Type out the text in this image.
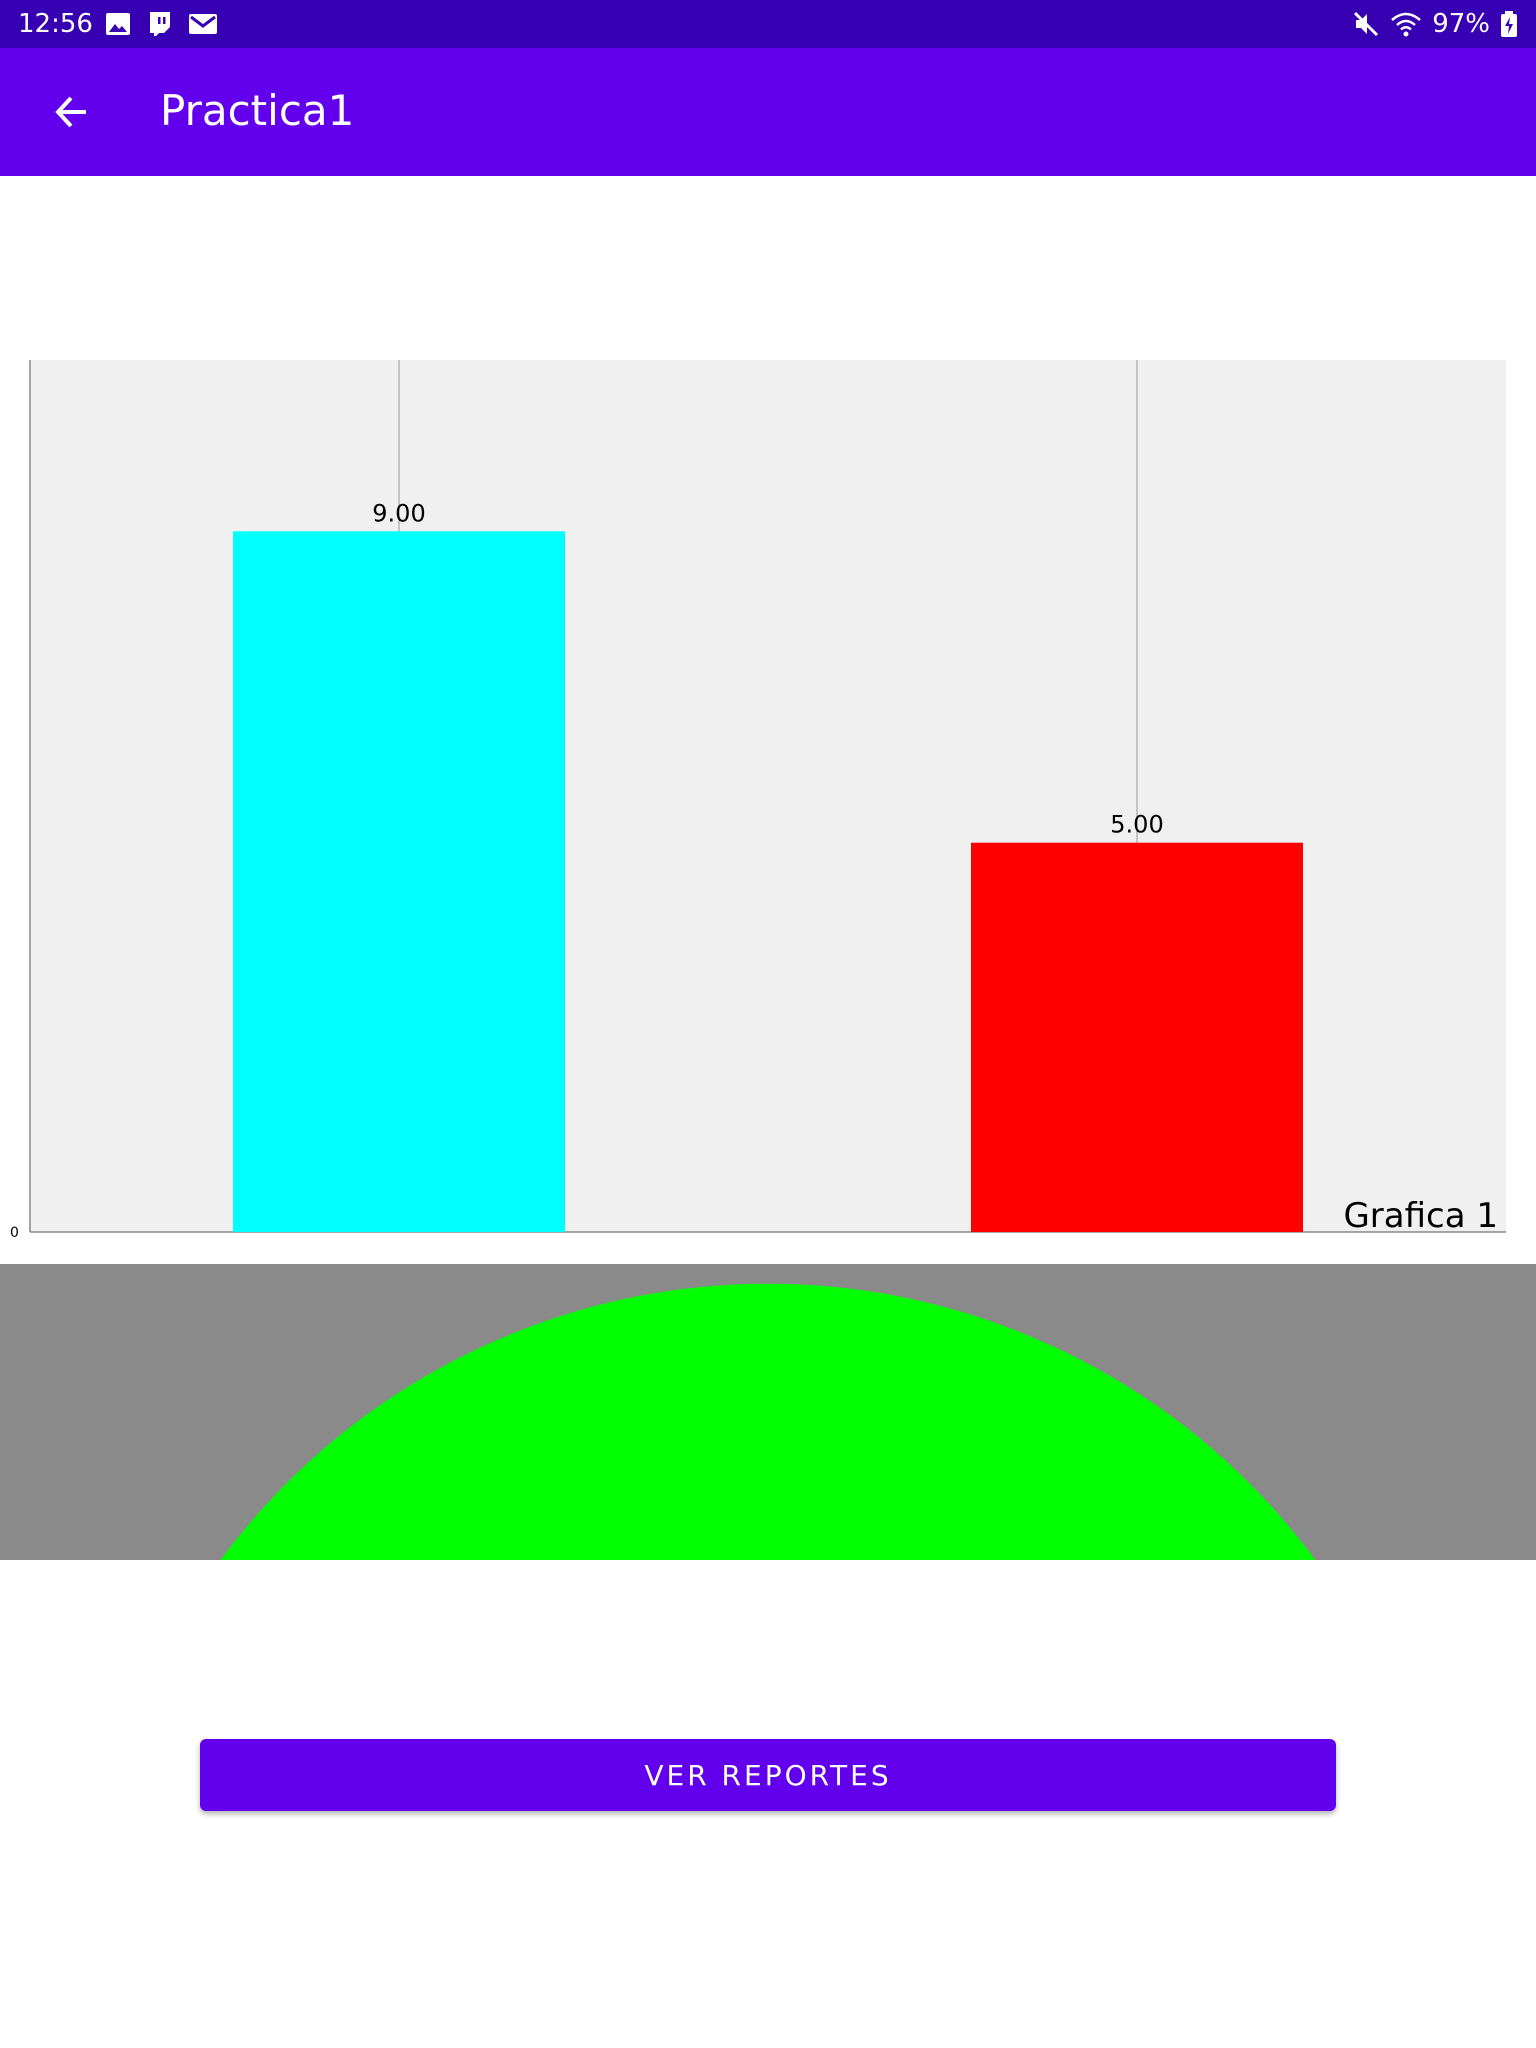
12:56	97%
Practica1
9.00
5.00
0	Grafica 1
VER REPORTES
